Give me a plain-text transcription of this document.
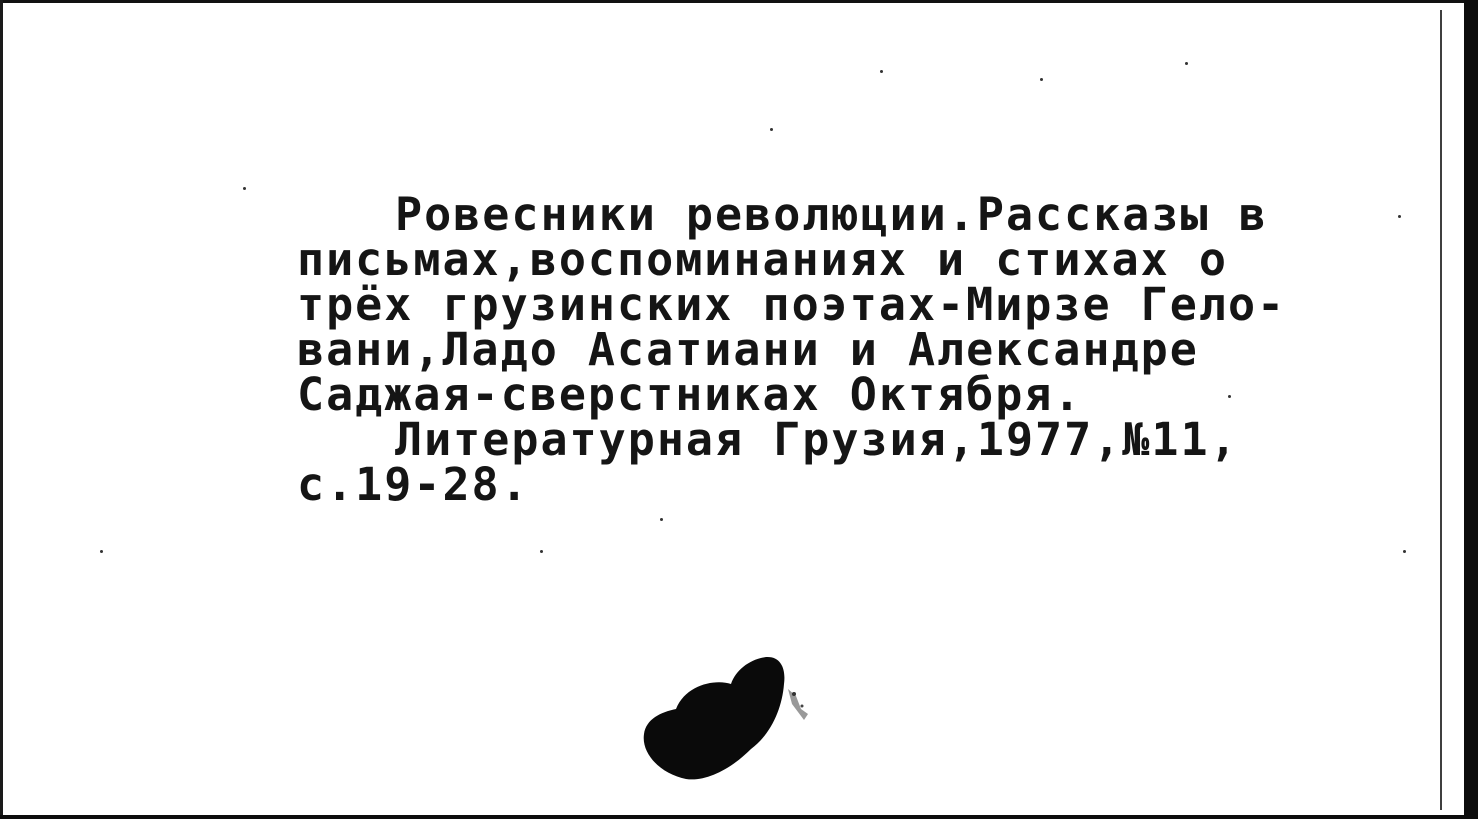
Ровесники революции.Рассказы в
письмах,воспоминаниях и стихах о
трёх грузинских поэтах-Мирзе Гело-
вани,Ладо Асатиани и Александре
Саджая-сверстниках Октября.
Литературная Грузия,1977,№11,
с.19-28.
